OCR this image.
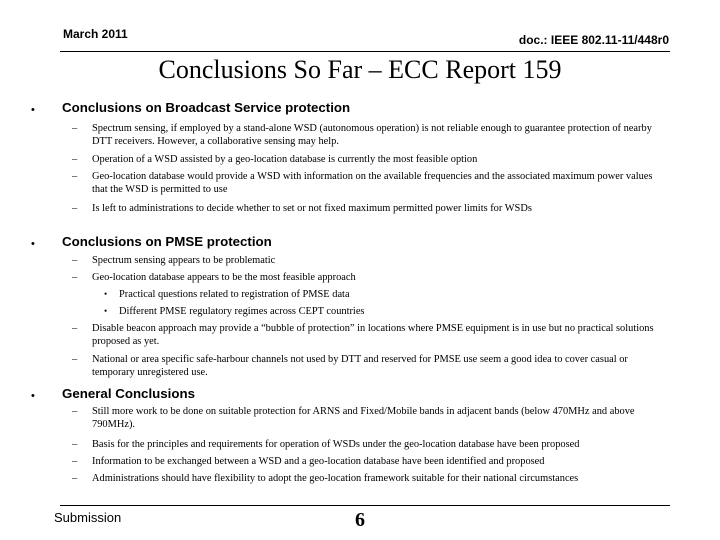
March 2011	doc.: IEEE 802.11-11/448r0
Conclusions So Far – ECC Report 159
• Conclusions on Broadcast Service protection
– Spectrum sensing, if employed by a stand-alone WSD (autonomous operation) is not reliable enough to guarantee protection of nearby DTT receivers. However, a collaborative sensing may help.
– Operation of a WSD assisted by a geo-location database is currently the most feasible option
– Geo-location database would provide a WSD with information on the available frequencies and the associated maximum power values that the WSD is permitted to use
– Is left to administrations to decide whether to set or not fixed maximum permitted power limits for WSDs
• Conclusions on PMSE protection
– Spectrum sensing appears to be problematic
– Geo-location database appears to be the most feasible approach
• Practical questions related to registration of PMSE data
• Different PMSE regulatory regimes across CEPT countries
– Disable beacon approach may provide a “bubble of protection” in locations where PMSE equipment is in use but no practical solutions proposed as yet.
– National or area specific safe-harbour channels not used by DTT and reserved for PMSE use seem a good idea to cover casual or temporary unregistered use.
• General Conclusions
– Still more work to be done on suitable protection for ARNS and Fixed/Mobile bands in adjacent bands (below 470MHz and above 790MHz).
– Basis for the principles and requirements for operation of WSDs under the geo-location database have been proposed
– Information to be exchanged between a WSD and a geo-location database have been identified and proposed
– Administrations should have flexibility to adopt the geo-location framework suitable for their national circumstances
Submission	6
